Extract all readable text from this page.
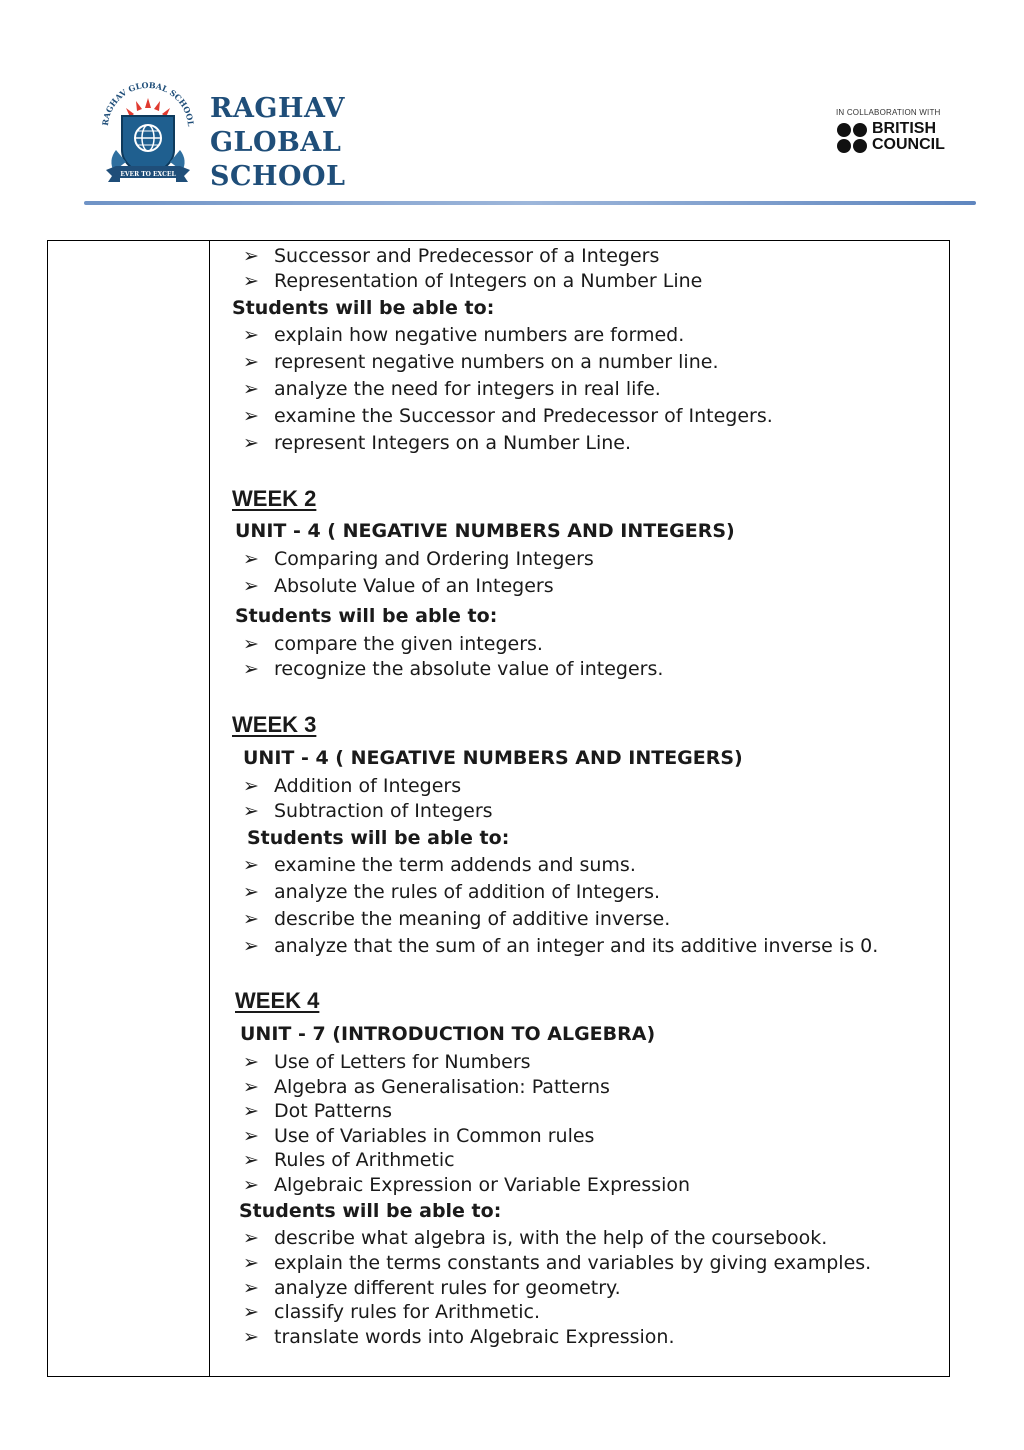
RAGHAV GLOBAL SCHOOL
EVER TO EXCEL
RAGHAV
GLOBAL
SCHOOL
IN COLLABORATION WITH
BRITISH
COUNCIL
➢ Successor and Predecessor of a Integers
➢ Representation of Integers on a Number Line
Students will be able to:
➢ explain how negative numbers are formed.
➢ represent negative numbers on a number line.
➢ analyze the need for integers in real life.
➢ examine the Successor and Predecessor of Integers.
➢ represent Integers on a Number Line.
WEEK 2
UNIT - 4 ( NEGATIVE NUMBERS AND INTEGERS)
➢ Comparing and Ordering Integers
➢ Absolute Value of an Integers
Students will be able to:
➢ compare the given integers.
➢ recognize the absolute value of integers.
WEEK 3
UNIT - 4 ( NEGATIVE NUMBERS AND INTEGERS)
➢ Addition of Integers
➢ Subtraction of Integers
Students will be able to:
➢ examine the term addends and sums.
➢ analyze the rules of addition of Integers.
➢ describe the meaning of additive inverse.
➢ analyze that the sum of an integer and its additive inverse is 0.
WEEK 4
UNIT - 7 (INTRODUCTION TO ALGEBRA)
➢ Use of Letters for Numbers
➢ Algebra as Generalisation: Patterns
➢ Dot Patterns
➢ Use of Variables in Common rules
➢ Rules of Arithmetic
➢ Algebraic Expression or Variable Expression
Students will be able to:
➢ describe what algebra is, with the help of the coursebook.
➢ explain the terms constants and variables by giving examples.
➢ analyze different rules for geometry.
➢ classify rules for Arithmetic.
➢ translate words into Algebraic Expression.
